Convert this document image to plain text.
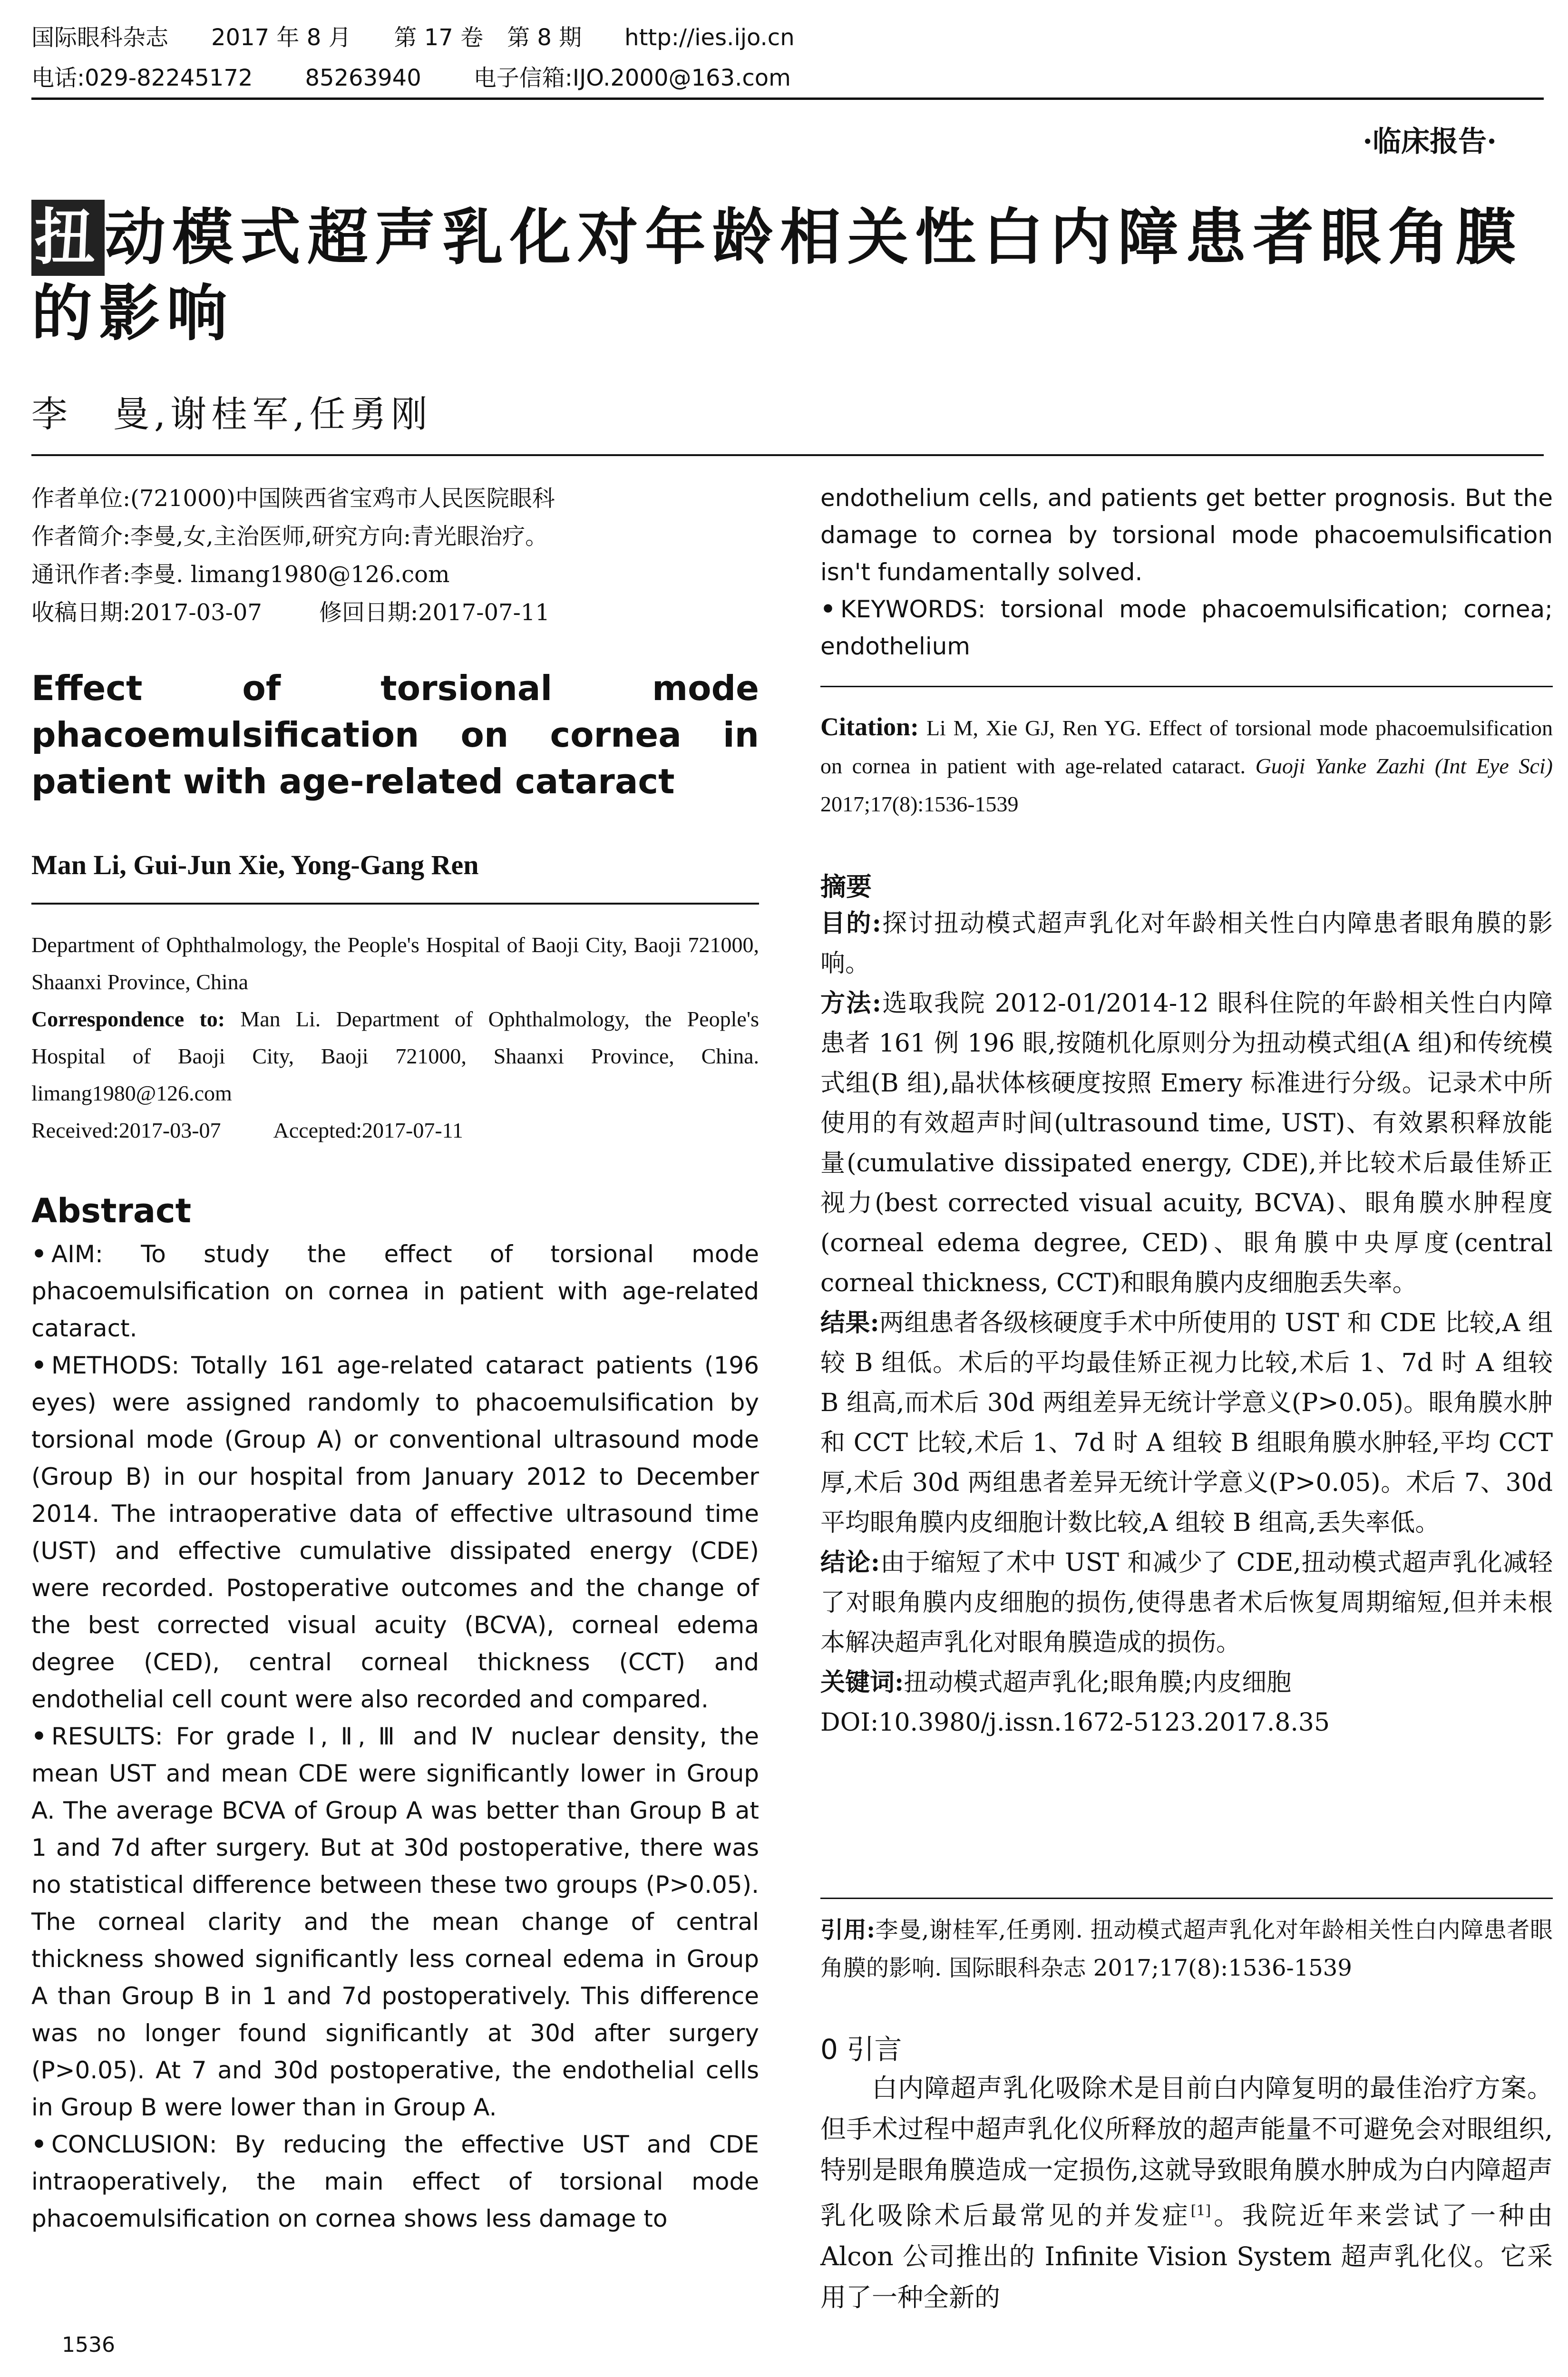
国际眼科杂志 2017 年 8 月 第 17 卷 第 8 期 http://ies.ijo.cn
电话:029-82245172 85263940 电子信箱:IJO.2000@163.com
·临床报告·
扭动模式超声乳化对年龄相关性白内障患者眼角膜的影响
李　曼,谢桂军,任勇刚
作者单位:(721000)中国陕西省宝鸡市人民医院眼科
作者简介:李曼,女,主治医师,研究方向:青光眼治疗。
通讯作者:李曼. limang1980@126.com
收稿日期:2017-03-07	修回日期:2017-07-11
Effect of torsional mode phacoemulsification on cornea in patient with age-related cataract
Man Li, Gui-Jun Xie, Yong-Gang Ren
Department of Ophthalmology, the People's Hospital of Baoji City, Baoji 721000, Shaanxi Province, China
Correspondence to: Man Li. Department of Ophthalmology, the People's Hospital of Baoji City, Baoji 721000, Shaanxi Province, China. limang1980@126.com
Received:2017-03-07 Accepted:2017-07-11
Abstract

• AIM: To study the effect of torsional mode phacoemulsification on cornea in patient with age-related cataract.

• METHODS: Totally 161 age-related cataract patients (196 eyes) were assigned randomly to phacoemulsification by torsional mode (Group A) or conventional ultrasound mode (Group B) in our hospital from January 2012 to December 2014. The intraoperative data of effective ultrasound time (UST) and effective cumulative dissipated energy (CDE) were recorded. Postoperative outcomes and the change of the best corrected visual acuity (BCVA), corneal edema degree (CED), central corneal thickness (CCT) and endothelial cell count were also recorded and compared.

• RESULTS: For grade Ⅰ, Ⅱ, Ⅲ and Ⅳ nuclear density, the mean UST and mean CDE were significantly lower in Group A. The average BCVA of Group A was better than Group B at 1 and 7d after surgery. But at 30d postoperative, there was no statistical difference between these two groups (P>0.05). The corneal clarity and the mean change of central thickness showed significantly less corneal edema in Group A than Group B in 1 and 7d postoperatively. This difference was no longer found significantly at 30d after surgery (P>0.05). At 7 and 30d postoperative, the endothelial cells in Group B were lower than in Group A.

• CONCLUSION: By reducing the effective UST and CDE intraoperatively, the main effect of torsional mode phacoemulsification on cornea shows less damage to

endothelium cells, and patients get better prognosis. But the damage to cornea by torsional mode phacoemulsification isn't fundamentally solved.

• KEYWORDS: torsional mode phacoemulsification; cornea; endothelium

Citation: Li M, Xie GJ, Ren YG. Effect of torsional mode phacoemulsification on cornea in patient with age-related cataract. Guoji Yanke Zazhi (Int Eye Sci) 2017;17(8):1536-1539
摘要

目的:探讨扭动模式超声乳化对年龄相关性白内障患者眼角膜的影响。

方法:选取我院 2012-01/2014-12 眼科住院的年龄相关性白内障患者 161 例 196 眼,按随机化原则分为扭动模式组(A 组)和传统模式组(B 组),晶状体核硬度按照 Emery 标准进行分级。记录术中所使用的有效超声时间(ultrasound time, UST)、有效累积释放能量(cumulative dissipated energy, CDE),并比较术后最佳矫正视力(best corrected visual acuity, BCVA)、眼角膜水肿程度(corneal edema degree, CED)、眼角膜中央厚度(central corneal thickness, CCT)和眼角膜内皮细胞丢失率。

结果:两组患者各级核硬度手术中所使用的 UST 和 CDE 比较,A 组较 B 组低。术后的平均最佳矫正视力比较,术后 1、7d 时 A 组较 B 组高,而术后 30d 两组差异无统计学意义(P>0.05)。眼角膜水肿和 CCT 比较,术后 1、7d 时 A 组较 B 组眼角膜水肿轻,平均 CCT 厚,术后 30d 两组患者差异无统计学意义(P>0.05)。术后 7、30d 平均眼角膜内皮细胞计数比较,A 组较 B 组高,丢失率低。

结论:由于缩短了术中 UST 和减少了 CDE,扭动模式超声乳化减轻了对眼角膜内皮细胞的损伤,使得患者术后恢复周期缩短,但并未根本解决超声乳化对眼角膜造成的损伤。

关键词:扭动模式超声乳化;眼角膜;内皮细胞

DOI:10.3980/j.issn.1672-5123.2017.8.35

引用:李曼,谢桂军,任勇刚. 扭动模式超声乳化对年龄相关性白内障患者眼角膜的影响. 国际眼科杂志 2017;17(8):1536-1539
0 引言

白内障超声乳化吸除术是目前白内障复明的最佳治疗方案。但手术过程中超声乳化仪所释放的超声能量不可避免会对眼组织,特别是眼角膜造成一定损伤,这就导致眼角膜水肿成为白内障超声乳化吸除术后最常见的并发症[1]。我院近年来尝试了一种由 Alcon 公司推出的 Infinite Vision System 超声乳化仪。它采用了一种全新的

1536
